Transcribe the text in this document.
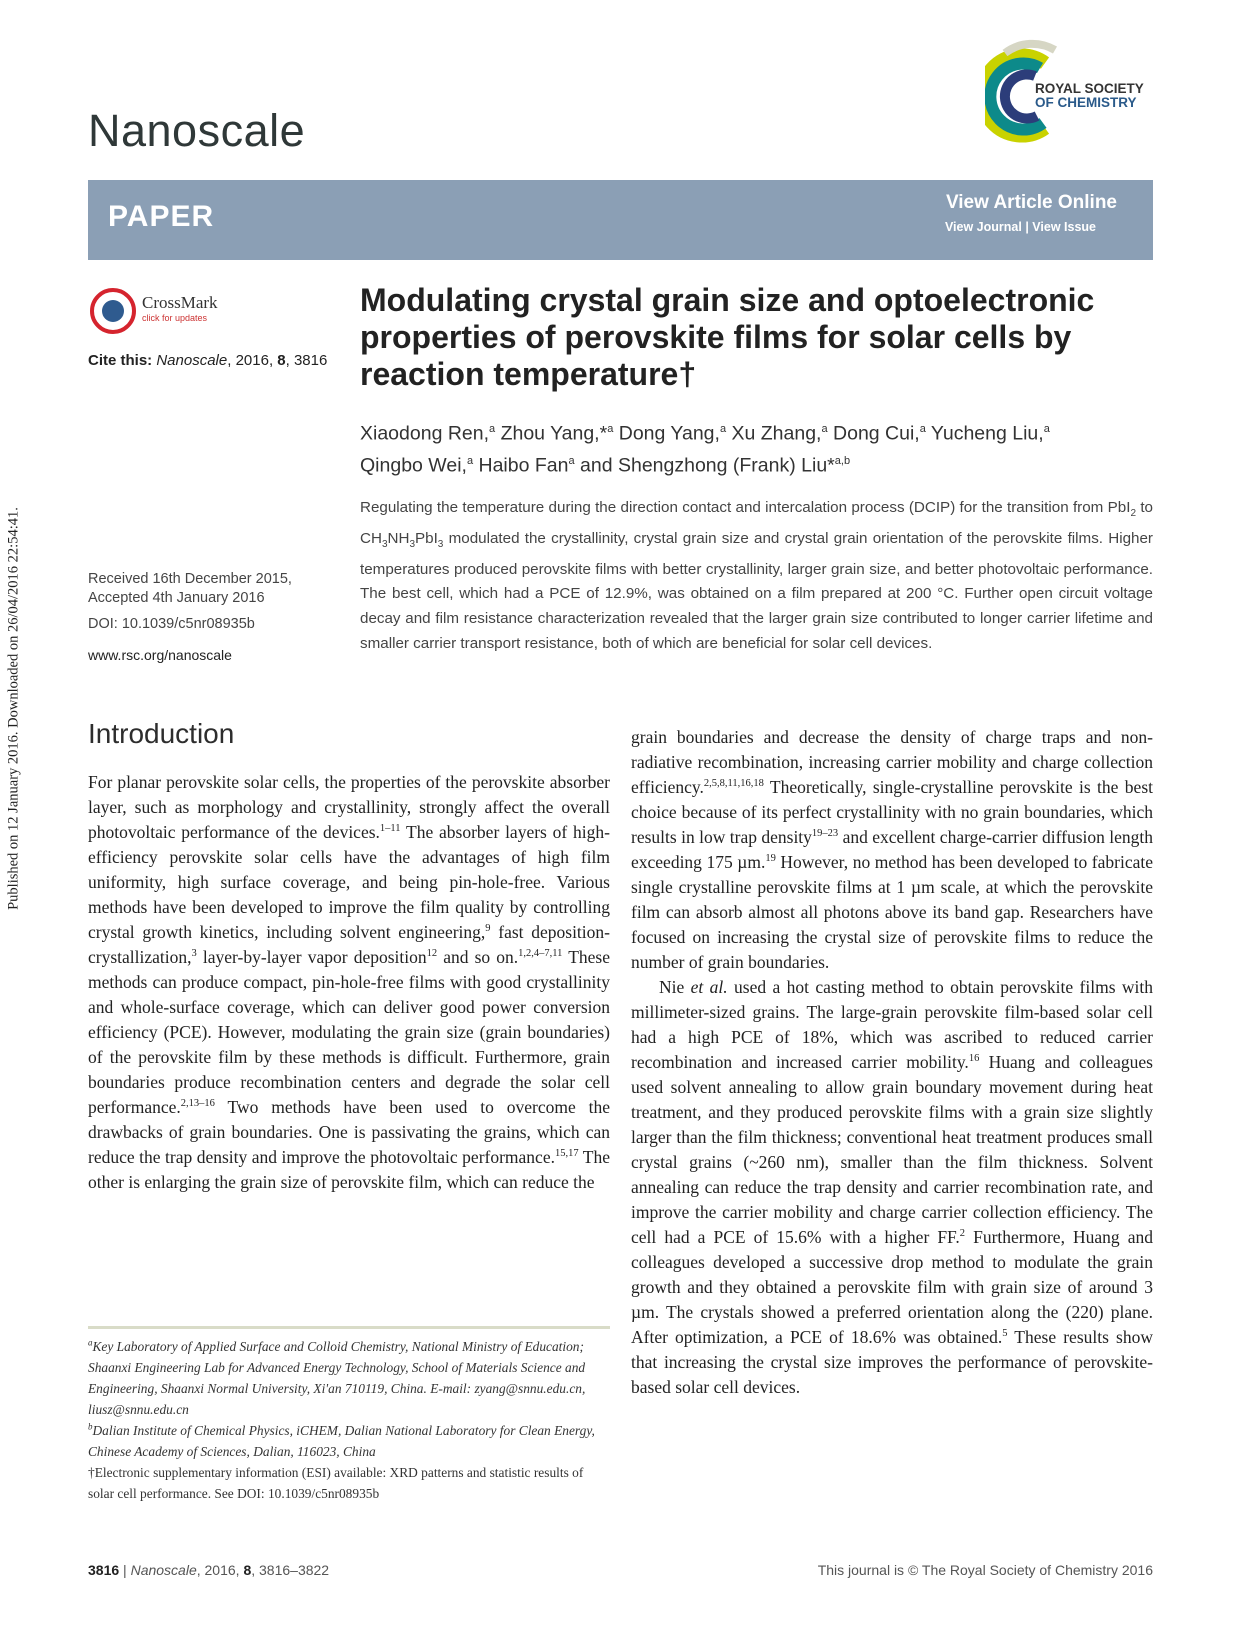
Published on 12 January 2016. Downloaded on 26/04/2016 22:54:41.
Nanoscale
ROYAL SOCIETY
OF CHEMISTRY
PAPER	View Article Online
View Journal | View Issue
CrossMark
click for updates
Cite this: Nanoscale, 2016, 8, 3816
Received 16th December 2015,
Accepted 4th January 2016
DOI: 10.1039/c5nr08935b
www.rsc.org/nanoscale
Modulating crystal grain size and optoelectronic properties of perovskite films for solar cells by reaction temperature†
Xiaodong Ren,$^a$ Zhou Yang,*$^a$ Dong Yang,$^a$ Xu Zhang,$^a$ Dong Cui,$^a$ Yucheng Liu,$^a$
Qingbo Wei,$^a$ Haibo Fan$^a$ and Shengzhong (Frank) Liu*$^{a,b}$
Regulating the temperature during the direction contact and intercalation process (DCIP) for the transition from PbI$_2$ to $CH_3NH_3PbI_3$ modulated the crystallinity, crystal grain size and crystal grain orientation of the perovskite films. Higher temperatures produced perovskite films with better crystallinity, larger grain size, and better photovoltaic performance. The best cell, which had a PCE of 12.9%, was obtained on a film prepared at 200 °C. Further open circuit voltage decay and film resistance characterization revealed that the larger grain size contributed to longer carrier lifetime and smaller carrier transport resistance, both of which are beneficial for solar cell devices.
Introduction

For planar perovskite solar cells, the properties of the perovskite absorber layer, such as morphology and crystallinity, strongly affect the overall photovoltaic performance of the devices.$^{1-11}$ The absorber layers of high-efficiency perovskite solar cells have the advantages of high film uniformity, high surface coverage, and being pin-hole-free. Various methods have been developed to improve the film quality by controlling crystal growth kinetics, including solvent engineering,$^9$ fast deposition-crystallization,$^3$ layer-by-layer vapor deposition$^{12}$ and so on.$^{1,2,4-7,11}$ These methods can produce compact, pin-hole-free films with good crystallinity and whole-surface coverage, which can deliver good power conversion efficiency (PCE). However, modulating the grain size (grain boundaries) of the perovskite film by these methods is difficult. Furthermore, grain boundaries produce recombination centers and degrade the solar cell performance.$^{2,13-16}$ Two methods have been used to overcome the drawbacks of grain boundaries. One is passivating the grains, which can reduce the trap density and improve the photovoltaic performance.$^{15,17}$ The other is enlarging the grain size of perovskite film, which can reduce the

$^a$Key Laboratory of Applied Surface and Colloid Chemistry, National Ministry of Education; Shaanxi Engineering Lab for Advanced Energy Technology, School of Materials Science and Engineering, Shaanxi Normal University, Xi'an 710119, China. E-mail: zyang@snnu.edu.cn, liusz@snnu.edu.cn

$^b$Dalian Institute of Chemical Physics, iCHEM, Dalian National Laboratory for Clean Energy, Chinese Academy of Sciences, Dalian, 116023, China

†Electronic supplementary information (ESI) available: XRD patterns and statistic results of solar cell performance. See DOI: 10.1039/c5nr08935b

grain boundaries and decrease the density of charge traps and non-radiative recombination, increasing carrier mobility and charge collection efficiency.$^{2,5,8,11,16,18}$ Theoretically, single-crystalline perovskite is the best choice because of its perfect crystallinity with no grain boundaries, which results in low trap density$^{19-23}$ and excellent charge-carrier diffusion length exceeding 175 µm.$^{19}$ However, no method has been developed to fabricate single crystalline perovskite films at 1 µm scale, at which the perovskite film can absorb almost all photons above its band gap. Researchers have focused on increasing the crystal size of perovskite films to reduce the number of grain boundaries.

Nie et al. used a hot casting method to obtain perovskite films with millimeter-sized grains. The large-grain perovskite film-based solar cell had a high PCE of 18%, which was ascribed to reduced carrier recombination and increased carrier mobility.$^{16}$ Huang and colleagues used solvent annealing to allow grain boundary movement during heat treatment, and they produced perovskite films with a grain size slightly larger than the film thickness; conventional heat treatment produces small crystal grains (~260 nm), smaller than the film thickness. Solvent annealing can reduce the trap density and carrier recombination rate, and improve the carrier mobility and charge carrier collection efficiency. The cell had a PCE of 15.6% with a higher FF.$^2$ Furthermore, Huang and colleagues developed a successive drop method to modulate the grain growth and they obtained a perovskite film with grain size of around 3 µm. The crystals showed a preferred orientation along the (220) plane. After optimization, a PCE of 18.6% was obtained.$^5$ These results show that increasing the crystal size improves the performance of perovskite-based solar cell devices.

3816 | Nanoscale, 2016, 8, 3816–3822	This journal is © The Royal Society of Chemistry 2016
